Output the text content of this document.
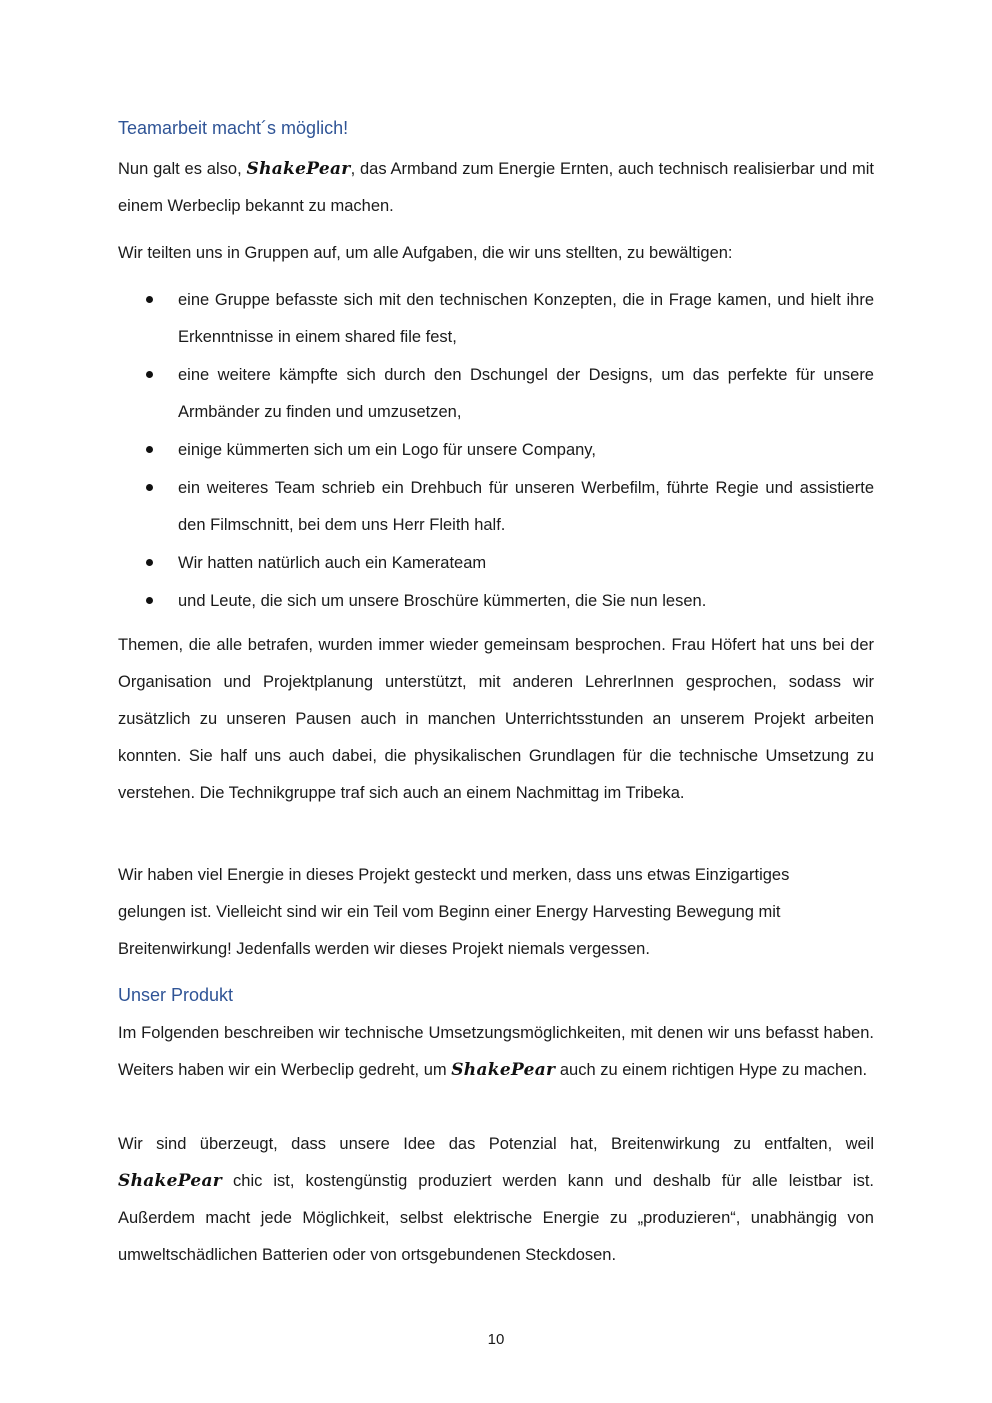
Teamarbeit macht´s möglich!

Nun galt es also, ShakePear, das Armband zum Energie Ernten, auch technisch realisierbar und mit einem Werbeclip bekannt zu machen.

Wir teilten uns in Gruppen auf, um alle Aufgaben, die wir uns stellten, zu bewältigen:

eine Gruppe befasste sich mit den technischen Konzepten, die in Frage kamen, und hielt ihre Erkenntnisse in einem shared file fest,
eine weitere kämpfte sich durch den Dschungel der Designs, um das perfekte für unsere Armbänder zu finden und umzusetzen,
einige kümmerten sich um ein Logo für unsere Company,
ein weiteres Team schrieb ein Drehbuch für unseren Werbefilm, führte Regie und assistierte den Filmschnitt, bei dem uns Herr Fleith half.
Wir hatten natürlich auch ein Kamerateam
und Leute, die sich um unsere Broschüre kümmerten, die Sie nun lesen.

Themen, die alle betrafen, wurden immer wieder gemeinsam besprochen. Frau Höfert hat uns bei der Organisation und Projektplanung unterstützt, mit anderen LehrerInnen gesprochen, sodass wir zusätzlich zu unseren Pausen auch in manchen Unterrichtsstunden an unserem Projekt arbeiten konnten. Sie half uns auch dabei, die physikalischen Grundlagen für die technische Umsetzung zu verstehen. Die Technikgruppe traf sich auch an einem Nachmittag im Tribeka.

Wir haben viel Energie in dieses Projekt gesteckt und merken, dass uns etwas Einzigartiges gelungen ist. Vielleicht sind wir ein Teil vom Beginn einer Energy Harvesting Bewegung mit Breitenwirkung! Jedenfalls werden wir dieses Projekt niemals vergessen.

Unser Produkt

Im Folgenden beschreiben wir technische Umsetzungsmöglichkeiten, mit denen wir uns befasst haben. Weiters haben wir ein Werbeclip gedreht, um ShakePear auch zu einem richtigen Hype zu machen.

Wir sind überzeugt, dass unsere Idee das Potenzial hat, Breitenwirkung zu entfalten, weil ShakePear chic ist, kostengünstig produziert werden kann und deshalb für alle leistbar ist. Außerdem macht jede Möglichkeit, selbst elektrische Energie zu „produzieren“, unabhängig von umweltschädlichen Batterien oder von ortsgebundenen Steckdosen.

10
